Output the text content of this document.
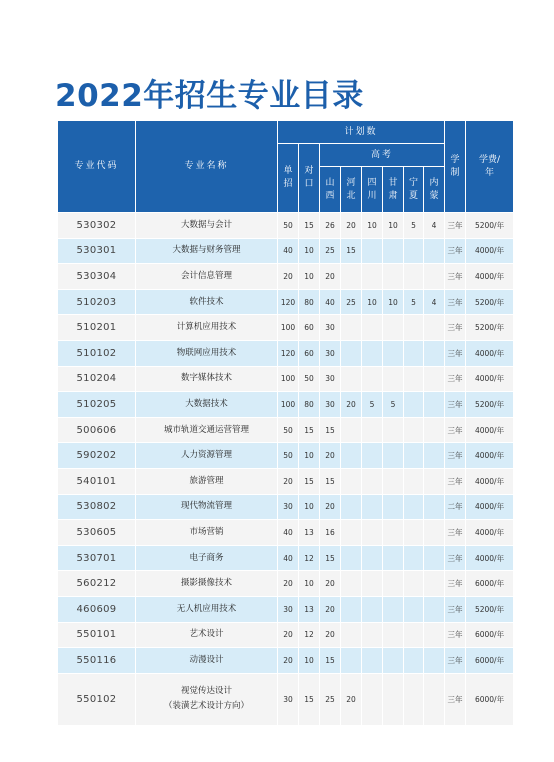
2022年招生专业目录
专业代码	专业名称	计划数								学制	学费/年
		单招	对口	高考							
				山西	河北	四川	甘肃	宁夏	内蒙		
530302	大数据与会计	50	15	26	20	10	10	5	4	三年	5200/年
530301	大数据与财务管理	40	10	25	15					三年	4000/年
530304	会计信息管理	20	10	20						三年	4000/年
510203	软件技术	120	80	40	25	10	10	5	4	三年	5200/年
510201	计算机应用技术	100	60	30						三年	5200/年
510102	物联网应用技术	120	60	30						三年	4000/年
510204	数字媒体技术	100	50	30						三年	4000/年
510205	大数据技术	100	80	30	20	5	5			三年	5200/年
500606	城市轨道交通运营管理	50	15	15						三年	4000/年
590202	人力资源管理	50	10	20						三年	4000/年
540101	旅游管理	20	15	15						三年	4000/年
530802	现代物流管理	30	10	20						二年	4000/年
530605	市场营销	40	13	16						三年	4000/年
530701	电子商务	40	12	15						三年	4000/年
560212	摄影摄像技术	20	10	20						三年	6000/年
460609	无人机应用技术	30	13	20						三年	5200/年
550101	艺术设计	20	12	20						三年	6000/年
550116	动漫设计	20	10	15						三年	6000/年
550102	视觉传达设计
（装潢艺术设计方向）	30	15	25	20					三年	6000/年
